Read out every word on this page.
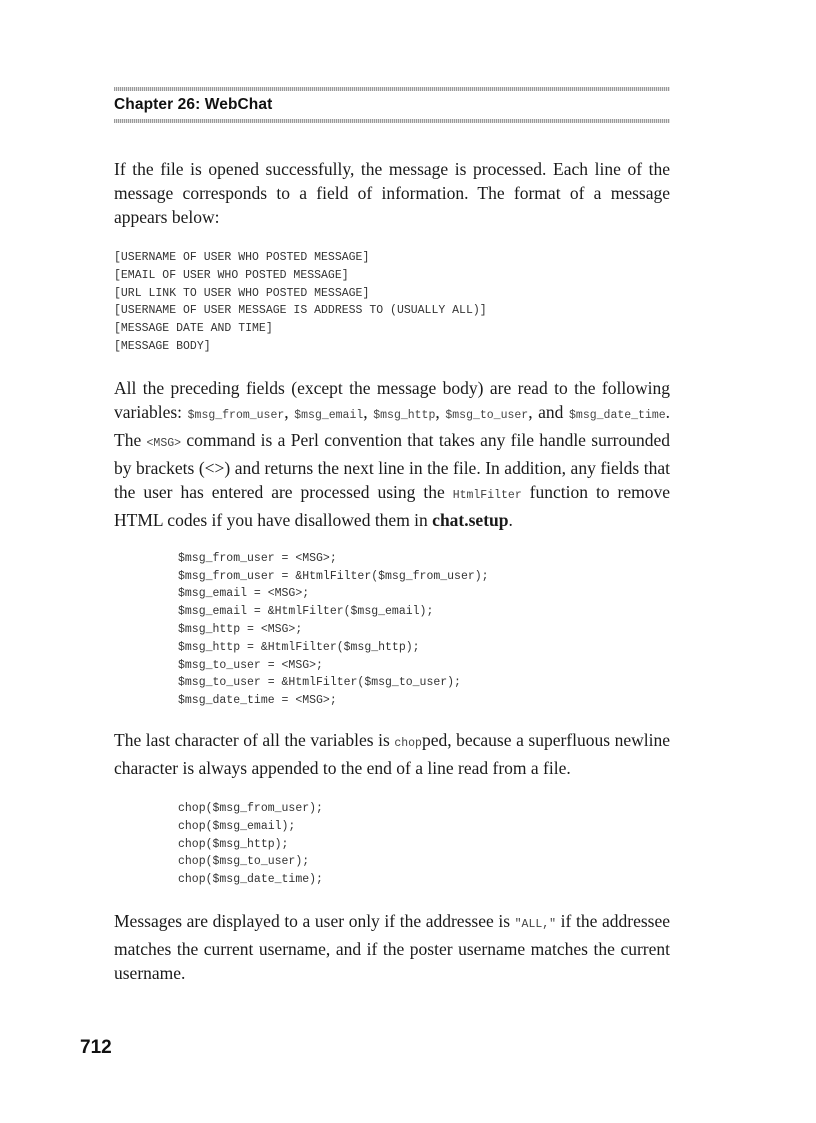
Chapter 26: WebChat

If the file is opened successfully, the message is processed. Each line of the message corresponds to a field of information. The format of a message appears below:

[USERNAME OF USER WHO POSTED MESSAGE]
[EMAIL OF USER WHO POSTED MESSAGE]
[URL LINK TO USER WHO POSTED MESSAGE]
[USERNAME OF USER MESSAGE IS ADDRESS TO (USUALLY ALL)]
[MESSAGE DATE AND TIME]
[MESSAGE BODY]

All the preceding fields (except the message body) are read to the following variables: $msg_from_user, $msg_email, $msg_http, $msg_to_user, and $msg_date_time. The <MSG> command is a Perl convention that takes any file handle surrounded by brackets (<>) and returns the next line in the file. In addition, any fields that the user has entered are processed using the HtmlFilter function to remove HTML codes if you have disallowed them in chat.setup.

$msg_from_user = <MSG>;
$msg_from_user = &HtmlFilter($msg_from_user);
$msg_email = <MSG>;
$msg_email = &HtmlFilter($msg_email);
$msg_http = <MSG>;
$msg_http = &HtmlFilter($msg_http);
$msg_to_user = <MSG>;
$msg_to_user = &HtmlFilter($msg_to_user);
$msg_date_time = <MSG>;

The last character of all the variables is chopped, because a superfluous newline character is always appended to the end of a line read from a file.

chop($msg_from_user);
chop($msg_email);
chop($msg_http);
chop($msg_to_user);
chop($msg_date_time);

Messages are displayed to a user only if the addressee is "ALL," if the addressee matches the current username, and if the poster username matches the current username.

712
